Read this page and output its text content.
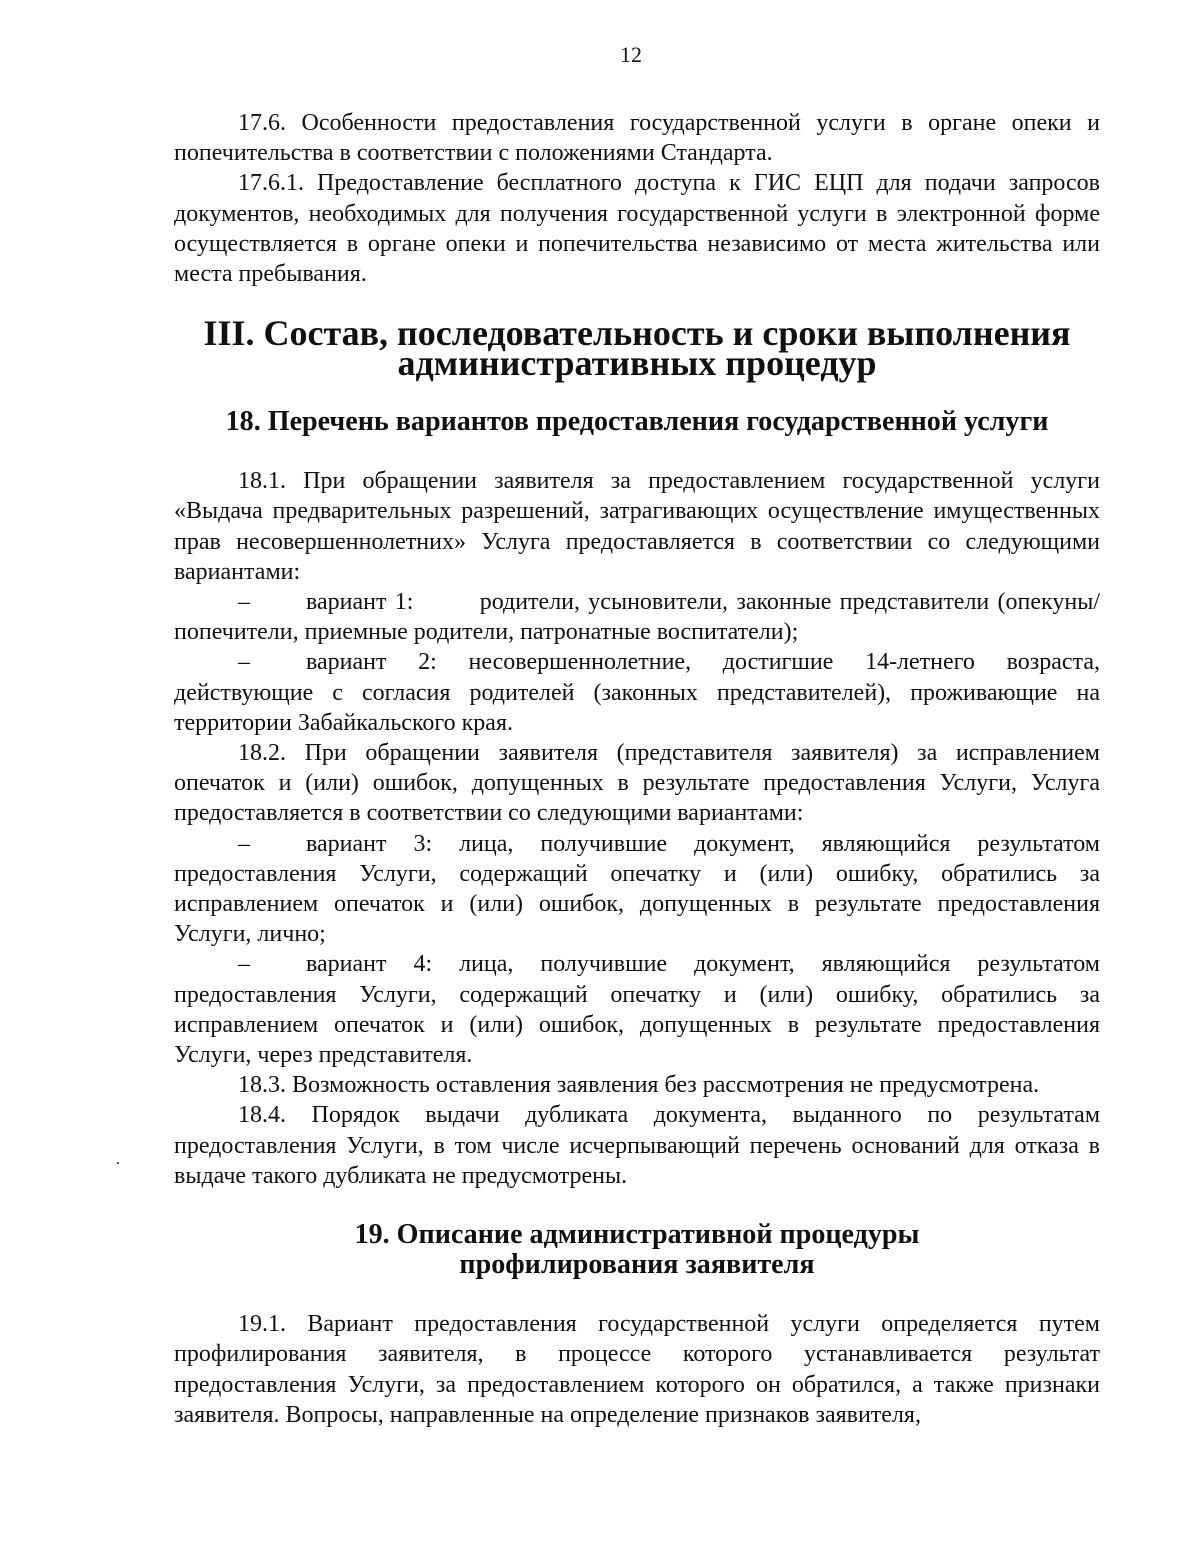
12

17.6. Особенности предоставления государственной услуги в органе опеки и попечительства в соответствии с положениями Стандарта.

17.6.1. Предоставление бесплатного доступа к ГИС ЕЦП для подачи запросов документов, необходимых для получения государственной услуги в электронной форме осуществляется в органе опеки и попечительства независимо от места жительства или места пребывания.

III. Состав, последовательность и сроки выполнения
административных процедур
18. Перечень вариантов предоставления государственной услуги

18.1. При обращении заявителя за предоставлением государственной услуги «Выдача предварительных разрешений, затрагивающих осуществление имущественных прав несовершеннолетних» Услуга предоставляется в соответствии со следующими вариантами:

– вариант 1:        родители, усыновители, законные представители (опекуны/попечители, приемные родители, патронатные воспитатели);

– вариант 2: несовершеннолетние, достигшие 14-летнего возраста, действующие с согласия родителей (законных представителей), проживающие на территории Забайкальского края.

18.2. При обращении заявителя (представителя заявителя) за исправлением опечаток и (или) ошибок, допущенных в результате предоставления Услуги, Услуга предоставляется в соответствии со следующими вариантами:

– вариант 3: лица, получившие документ, являющийся результатом предоставления Услуги, содержащий опечатку и (или) ошибку, обратились за исправлением опечаток и (или) ошибок, допущенных в результате предоставления Услуги, лично;

– вариант 4: лица, получившие документ, являющийся результатом предоставления Услуги, содержащий опечатку и (или) ошибку, обратились за исправлением опечаток и (или) ошибок, допущенных в результате предоставления Услуги, через представителя.

18.3. Возможность оставления заявления без рассмотрения не предусмотрена.

18.4. Порядок выдачи дубликата документа, выданного по результатам предоставления Услуги, в том числе исчерпывающий перечень оснований для отказа в выдаче такого дубликата не предусмотрены.

19. Описание административной процедуры
профилирования заявителя

19.1. Вариант предоставления государственной услуги определяется путем профилирования заявителя, в процессе которого устанавливается результат предоставления Услуги, за предоставлением которого он обратился, а также признаки заявителя. Вопросы, направленные на определение признаков заявителя,
